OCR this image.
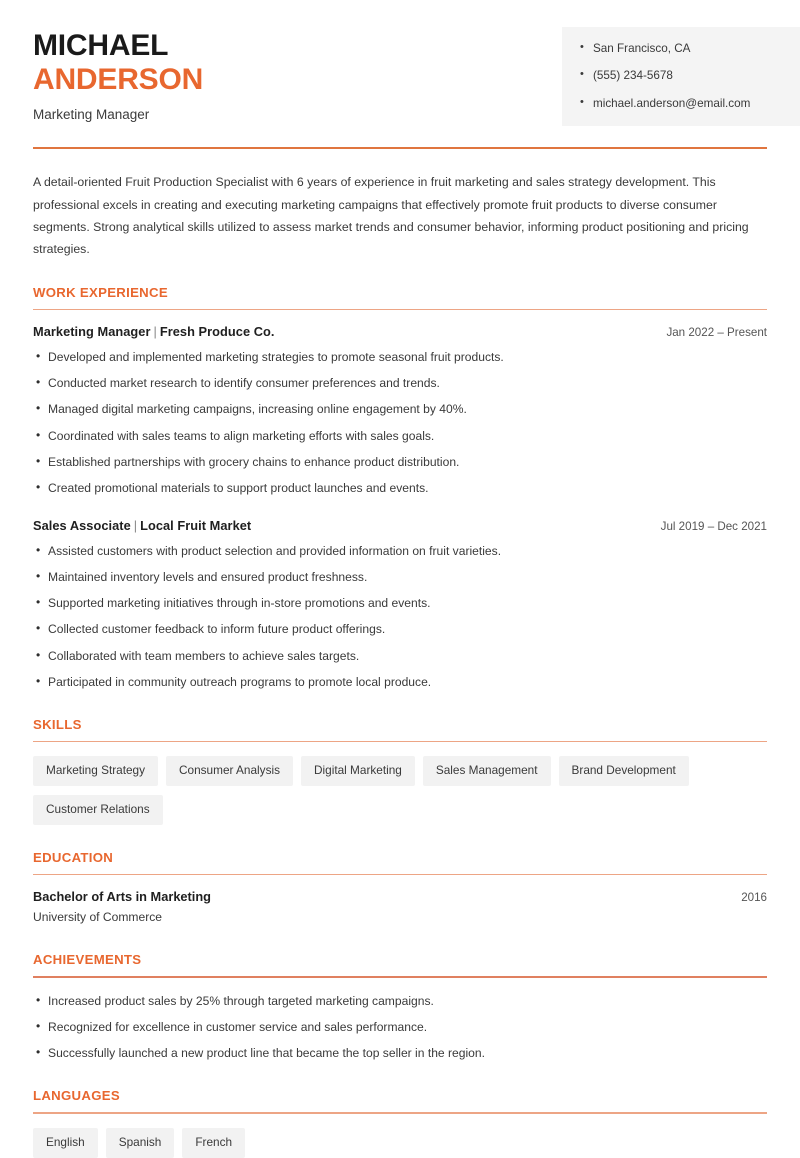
MICHAEL
ANDERSON
Marketing Manager
• San Francisco, CA
• (555) 234-5678
• michael.anderson@email.com
A detail-oriented Fruit Production Specialist with 6 years of experience in fruit marketing and sales strategy development. This professional excels in creating and executing marketing campaigns that effectively promote fruit products to diverse consumer segments. Strong analytical skills utilized to assess market trends and consumer behavior, informing product positioning and pricing strategies.
WORK EXPERIENCE
Marketing Manager | Fresh Produce Co.	Jan 2022 – Present
• Developed and implemented marketing strategies to promote seasonal fruit products.
• Conducted market research to identify consumer preferences and trends.
• Managed digital marketing campaigns, increasing online engagement by 40%.
• Coordinated with sales teams to align marketing efforts with sales goals.
• Established partnerships with grocery chains to enhance product distribution.
• Created promotional materials to support product launches and events.
Sales Associate | Local Fruit Market	Jul 2019 – Dec 2021
• Assisted customers with product selection and provided information on fruit varieties.
• Maintained inventory levels and ensured product freshness.
• Supported marketing initiatives through in-store promotions and events.
• Collected customer feedback to inform future product offerings.
• Collaborated with team members to achieve sales targets.
• Participated in community outreach programs to promote local produce.
SKILLS
Marketing Strategy	Consumer Analysis	Digital Marketing	Sales Management	Brand Development
Customer Relations
EDUCATION
Bachelor of Arts in Marketing	2016
University of Commerce
ACHIEVEMENTS
• Increased product sales by 25% through targeted marketing campaigns.
• Recognized for excellence in customer service and sales performance.
• Successfully launched a new product line that became the top seller in the region.
LANGUAGES
English	Spanish	French
